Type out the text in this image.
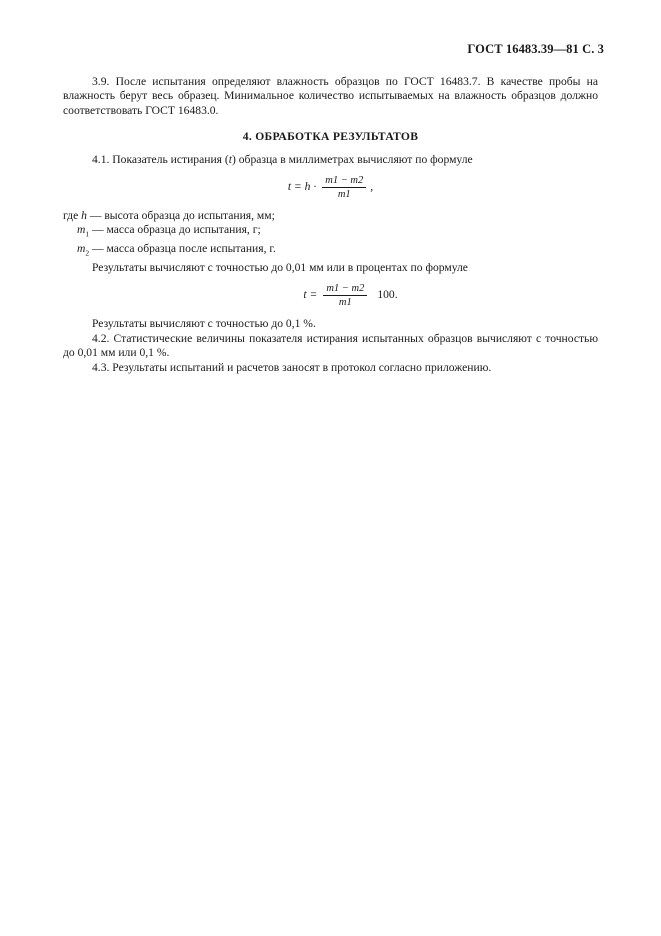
ГОСТ 16483.39—81 С. 3

3.9. После испытания определяют влажность образцов по ГОСТ 16483.7. В качестве пробы на влажность берут весь образец. Минимальное количество испытываемых на влажность образцов должно соответствовать ГОСТ 16483.0.

4. ОБРАБОТКА РЕЗУЛЬТАТОВ

4.1. Показатель истирания (t) образца в миллиметрах вычисляют по формуле

$t = h \cdot \frac{m1 - m2}{m1}$ ,

где h — высота образца до испытания, мм;

$m_1$ — масса образца до испытания, г;

$m_2$ — масса образца после испытания, г.

Результаты вычисляют с точностью до 0,01 мм или в процентах по формуле

$t = \frac{m1 - m2}{m1} 100$.

Результаты вычисляют с точностью до 0,1 %.

4.2. Статистические величины показателя истирания испытанных образцов вычисляют с точностью до 0,01 мм или 0,1 %.

4.3. Результаты испытаний и расчетов заносят в протокол согласно приложению.
